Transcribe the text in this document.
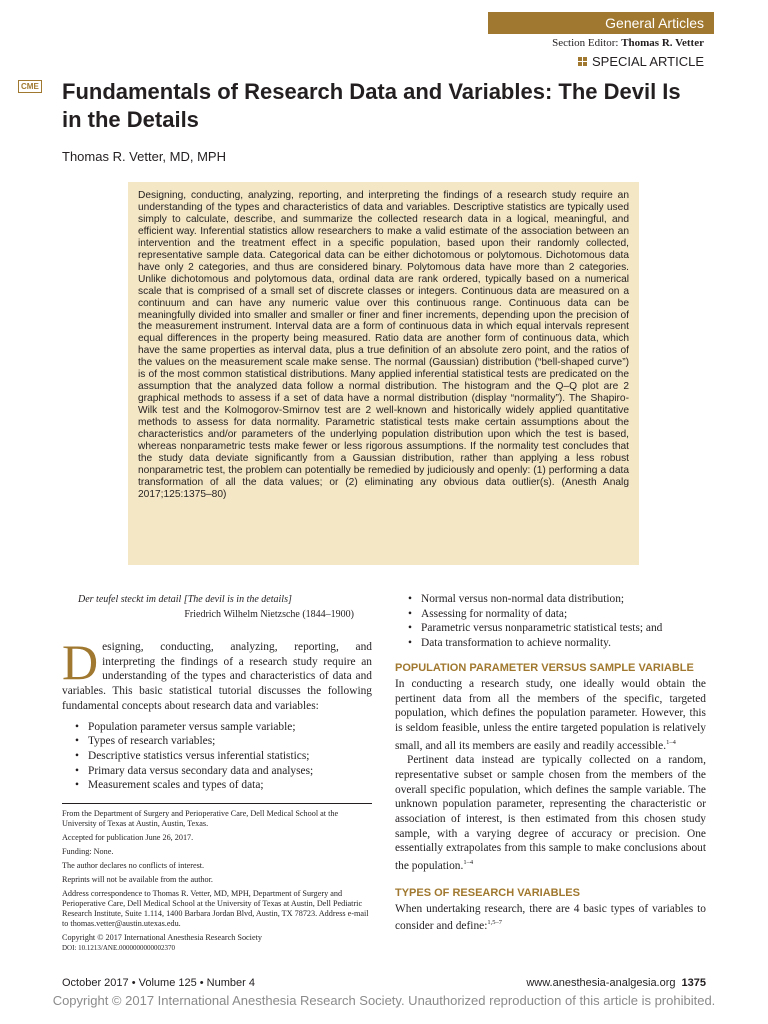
General Articles
Section Editor: Thomas R. Vetter
SPECIAL ARTICLE
CME Fundamentals of Research Data and Variables: The Devil Is in the Details
Thomas R. Vetter, MD, MPH
Designing, conducting, analyzing, reporting, and interpreting the findings of a research study require an understanding of the types and characteristics of data and variables. Descriptive statistics are typically used simply to calculate, describe, and summarize the collected research data in a logical, meaningful, and efficient way. Inferential statistics allow researchers to make a valid estimate of the association between an intervention and the treatment effect in a specific population, based upon their randomly collected, representative sample data. Categorical data can be either dichotomous or polytomous. Dichotomous data have only 2 categories, and thus are considered binary. Polytomous data have more than 2 categories. Unlike dichotomous and polytomous data, ordinal data are rank ordered, typically based on a numerical scale that is comprised of a small set of discrete classes or integers. Continuous data are measured on a continuum and can have any numeric value over this continuous range. Continuous data can be meaningfully divided into smaller and smaller or finer and finer increments, depending upon the precision of the measurement instrument. Interval data are a form of continuous data in which equal intervals represent equal differences in the property being measured. Ratio data are another form of continuous data, which have the same properties as interval data, plus a true definition of an absolute zero point, and the ratios of the values on the measurement scale make sense. The normal (Gaussian) distribution (“bell-shaped curve”) is of the most common statistical distributions. Many applied inferential statistical tests are predicated on the assumption that the analyzed data follow a normal distribution. The histogram and the Q–Q plot are 2 graphical methods to assess if a set of data have a normal distribution (display “normality”). The Shapiro-Wilk test and the Kolmogorov-Smirnov test are 2 well-known and historically widely applied quantitative methods to assess for data normality. Parametric statistical tests make certain assumptions about the characteristics and/or parameters of the underlying population distribution upon which the test is based, whereas nonparametric tests make fewer or less rigorous assumptions. If the normality test concludes that the study data deviate significantly from a Gaussian distribution, rather than applying a less robust nonparametric test, the problem can potentially be remedied by judiciously and openly: (1) performing a data transformation of all the data values; or (2) eliminating any obvious data outlier(s). (Anesth Analg 2017;125:1375–80)
Der teufel steckt im detail [The devil is in the details]
Friedrich Wilhelm Nietzsche (1844–1900)

Designing, conducting, analyzing, reporting, and interpreting the findings of a research study require an understanding of the types and characteristics of data and variables. This basic statistical tutorial discusses the following fundamental concepts about research data and variables:

• Population parameter versus sample variable;
• Types of research variables;
• Descriptive statistics versus inferential statistics;
• Primary data versus secondary data and analyses;
• Measurement scales and types of data;

From the Department of Surgery and Perioperative Care, Dell Medical School at the University of Texas at Austin, Austin, Texas.

Accepted for publication June 26, 2017.

Funding: None.

The author declares no conflicts of interest.

Reprints will not be available from the author.

Address correspondence to Thomas R. Vetter, MD, MPH, Department of Surgery and Perioperative Care, Dell Medical School at the University of Texas at Austin, Dell Pediatric Research Institute, Suite 1.114, 1400 Barbara Jordan Blvd, Austin, TX 78723. Address e-mail to thomas.vetter@austin.utexas.edu.

Copyright © 2017 International Anesthesia Research Society

DOI: 10.1213/ANE.0000000000002370

• Normal versus non-normal data distribution;
• Assessing for normality of data;
• Parametric versus nonparametric statistical tests; and
• Data transformation to achieve normality.
POPULATION PARAMETER VERSUS SAMPLE VARIABLE

In conducting a research study, one ideally would obtain the pertinent data from all the members of the specific, targeted population, which defines the population parameter. However, this is seldom feasible, unless the entire targeted population is relatively small, and all its members are easily and readily accessible.$^{1-4}$

Pertinent data instead are typically collected on a random, representative subset or sample chosen from the members of the overall specific population, which defines the sample variable. The unknown population parameter, representing the characteristic or association of interest, is then estimated from this chosen study sample, with a varying degree of accuracy or precision. One essentially extrapolates from this sample to make conclusions about the population.$^{1-4}$

TYPES OF RESEARCH VARIABLES

When undertaking research, there are 4 basic types of variables to consider and define:$^{1,5-7}$

October 2017 • Volume 125 • Number 4	www.anesthesia-analgesia.org 1375
Copyright © 2017 International Anesthesia Research Society. Unauthorized reproduction of this article is prohibited.
